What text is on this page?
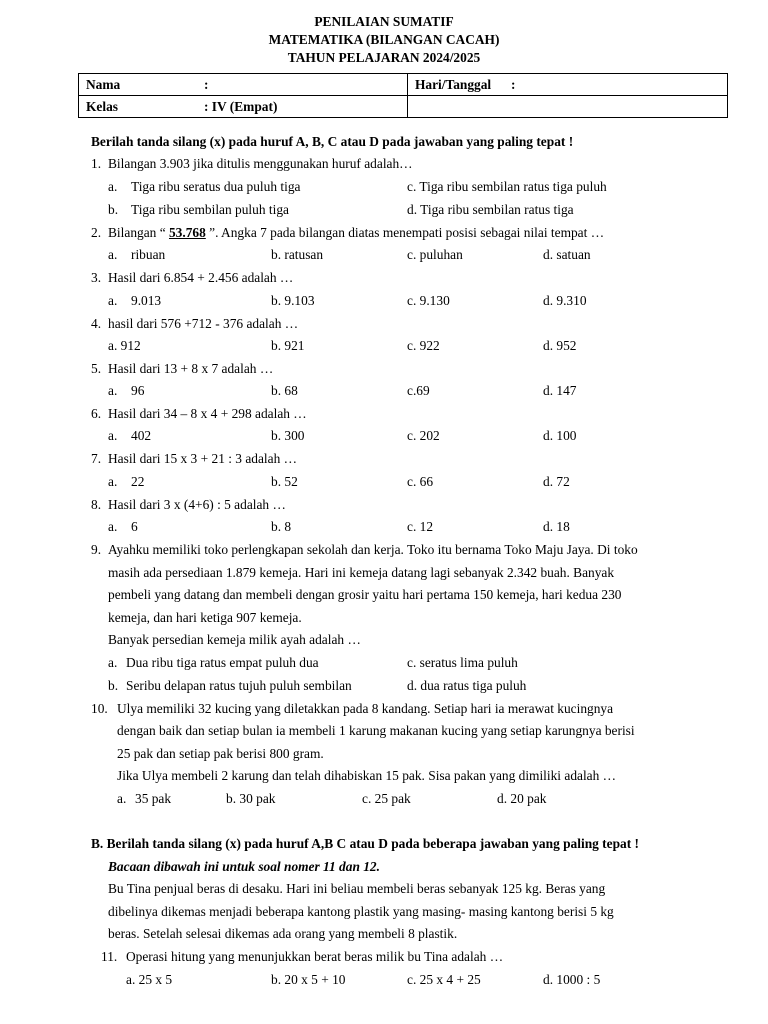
PENILAIAN SUMATIF
MATEMATIKA (BILANGAN CACAH)
TAHUN PELAJARAN 2024/2025
Nama :	Hari/Tanggal :
Kelas : IV (Empat)	
Berilah tanda silang (x) pada huruf A, B, C atau D pada jawaban yang paling tepat !
1. Bilangan 3.903 jika ditulis menggunakan huruf adalah…
a. Tiga ribu seratus dua puluh tiga	c. Tiga ribu sembilan ratus tiga puluh
b. Tiga ribu sembilan puluh tiga	d. Tiga ribu sembilan ratus tiga
2. Bilangan “ 53.768 ”. Angka 7 pada bilangan diatas menempati posisi sebagai nilai tempat …
a. ribuan	b. ratusan	c. puluhan	d. satuan
3. Hasil dari 6.854 + 2.456 adalah …
a. 9.013	b. 9.103	c. 9.130	d. 9.310
4. hasil dari 576 +712 - 376 adalah …
a. 912	b. 921	c. 922	d. 952
5. Hasil dari 13 + 8 x 7 adalah …
a. 96	b. 68	c.69	d. 147
6. Hasil dari 34 – 8 x 4 + 298 adalah …
a. 402	b. 300	c. 202	d. 100
7. Hasil dari 15 x 3 + 21 : 3 adalah …
a. 22	b. 52	c. 66	d. 72
8. Hasil dari 3 x (4+6) : 5 adalah …
a. 6	b. 8	c. 12	d. 18
9. Ayahku memiliki toko perlengkapan sekolah dan kerja. Toko itu bernama Toko Maju Jaya. Di toko
masih ada persediaan 1.879 kemeja. Hari ini kemeja datang lagi sebanyak 2.342 buah. Banyak
pembeli yang datang dan membeli dengan grosir yaitu hari pertama 150 kemeja, hari kedua 230
kemeja, dan hari ketiga 907 kemeja.
Banyak persedian kemeja milik ayah adalah …
a. Dua ribu tiga ratus empat puluh dua	c. seratus lima puluh
b. Seribu delapan ratus tujuh puluh sembilan	d. dua ratus tiga puluh
10. Ulya memiliki 32 kucing yang diletakkan pada 8 kandang. Setiap hari ia merawat kucingnya
dengan baik dan setiap bulan ia membeli 1 karung makanan kucing yang setiap karungnya berisi
25 pak dan setiap pak berisi 800 gram.
Jika Ulya membeli 2 karung dan telah dihabiskan 15 pak. Sisa pakan yang dimiliki adalah …
a. 35 pak	b. 30 pak	c. 25 pak	d. 20 pak
B. Berilah tanda silang (x) pada huruf A,B C atau D pada beberapa jawaban yang paling tepat !
Bacaan dibawah ini untuk soal nomer 11 dan 12.
Bu Tina penjual beras di desaku. Hari ini beliau membeli beras sebanyak 125 kg. Beras yang
dibelinya dikemas menjadi beberapa kantong plastik yang masing- masing kantong berisi 5 kg
beras. Setelah selesai dikemas ada orang yang membeli 8 plastik.
11. Operasi hitung yang menunjukkan berat beras milik bu Tina adalah …
a. 25 x 5	b. 20 x 5 + 10	c. 25 x 4 + 25	d. 1000 : 5
